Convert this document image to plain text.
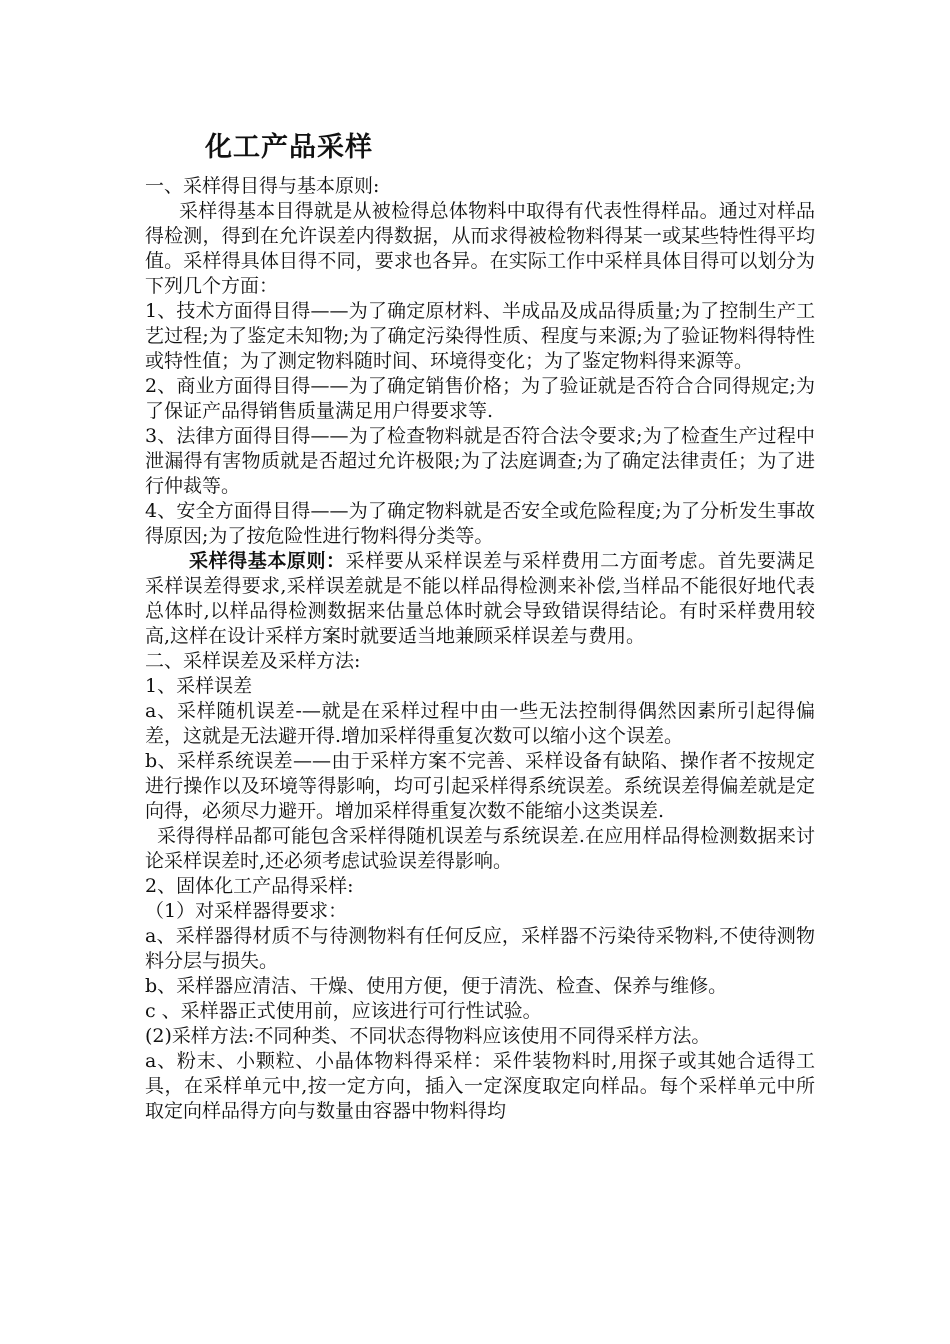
化工产品采样

一、采样得目得与基本原则:

采样得基本目得就是从被检得总体物料中取得有代表性得样品。通过对样品得检测，得到在允许误差内得数据，从而求得被检物料得某一或某些特性得平均值。采样得具体目得不同，要求也各异。在实际工作中采样具体目得可以划分为下列几个方面：

1、技术方面得目得——为了确定原材料、半成品及成品得质量;为了控制生产工艺过程;为了鉴定未知物;为了确定污染得性质、程度与来源;为了验证物料得特性或特性值；为了测定物料随时间、环境得变化；为了鉴定物料得来源等。

2、商业方面得目得——为了确定销售价格；为了验证就是否符合合同得规定;为了保证产品得销售质量满足用户得要求等.

3、法律方面得目得——为了检查物料就是否符合法令要求;为了检查生产过程中泄漏得有害物质就是否超过允许极限;为了法庭调查;为了确定法律责任；为了进行仲裁等。

4、安全方面得目得——为了确定物料就是否安全或危险程度;为了分析发生事故得原因;为了按危险性进行物料得分类等。

采样得基本原则：采样要从采样误差与采样费用二方面考虑。首先要满足采样误差得要求,采样误差就是不能以样品得检测来补偿,当样品不能很好地代表总体时,以样品得检测数据来估量总体时就会导致错误得结论。有时采样费用较高,这样在设计采样方案时就要适当地兼顾采样误差与费用。

二、采样误差及采样方法:

1、采样误差

a、采样随机误差-—就是在采样过程中由一些无法控制得偶然因素所引起得偏差，这就是无法避开得.增加采样得重复次数可以缩小这个误差。

b、采样系统误差——由于采样方案不完善、采样设备有缺陷、操作者不按规定进行操作以及环境等得影响，均可引起采样得系统误差。系统误差得偏差就是定向得，必须尽力避开。增加采样得重复次数不能缩小这类误差.

采得得样品都可能包含采样得随机误差与系统误差.在应用样品得检测数据来讨论采样误差时,还必须考虑试验误差得影响。

2、固体化工产品得采样:

（1）对采样器得要求：

a、采样器得材质不与待测物料有任何反应，采样器不污染待采物料,不使待测物料分层与损失。

b、采样器应清洁、干燥、使用方便，便于清洗、检查、保养与维修。

c 、采样器正式使用前，应该进行可行性试验。

(2)采样方法:不同种类、不同状态得物料应该使用不同得采样方法。

a、粉末、小颗粒、小晶体物料得采样：采件装物料时,用探子或其她合适得工具，在采样单元中,按一定方向，插入一定深度取定向样品。每个采样单元中所取定向样品得方向与数量由容器中物料得均
